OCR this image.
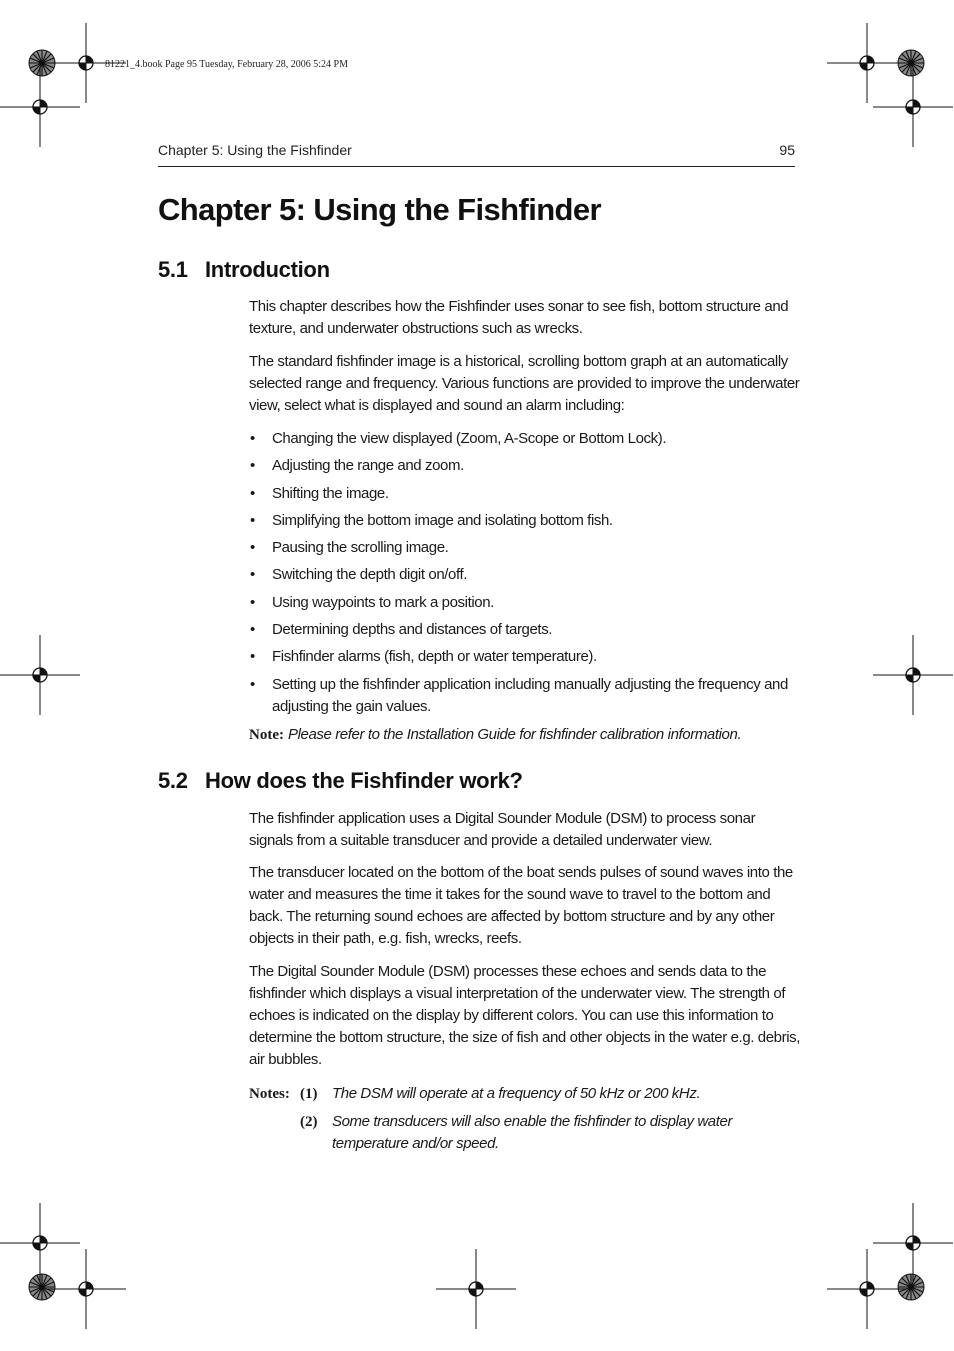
81221_4.book Page 95 Tuesday, February 28, 2006 5:24 PM
Chapter 5: Using the Fishfinder	95
Chapter 5: Using the Fishfinder
5.1 Introduction

This chapter describes how the Fishfinder uses sonar to see fish, bottom structure and texture, and underwater obstructions such as wrecks.

The standard fishfinder image is a historical, scrolling bottom graph at an automatically selected range and frequency. Various functions are provided to improve the underwater view, select what is displayed and sound an alarm including:

• Changing the view displayed (Zoom, A-Scope or Bottom Lock).
• Adjusting the range and zoom.
• Shifting the image.
• Simplifying the bottom image and isolating bottom fish.
• Pausing the scrolling image.
• Switching the depth digit on/off.
• Using waypoints to mark a position.
• Determining depths and distances of targets.
• Fishfinder alarms (fish, depth or water temperature).
• Setting up the fishfinder application including manually adjusting the frequency and adjusting the gain values.
Note: Please refer to the Installation Guide for fishfinder calibration information.
5.2 How does the Fishfinder work?

The fishfinder application uses a Digital Sounder Module (DSM) to process sonar signals from a suitable transducer and provide a detailed underwater view.

The transducer located on the bottom of the boat sends pulses of sound waves into the water and measures the time it takes for the sound wave to travel to the bottom and back. The returning sound echoes are affected by bottom structure and by any other objects in their path, e.g. fish, wrecks, reefs.

The Digital Sounder Module (DSM) processes these echoes and sends data to the fishfinder which displays a visual interpretation of the underwater view. The strength of echoes is indicated on the display by different colors. You can use this information to determine the bottom structure, the size of fish and other objects in the water e.g. debris, air bubbles.

Notes: (1) The DSM will operate at a frequency of 50 kHz or 200 kHz.
(2) Some transducers will also enable the fishfinder to display water temperature and/or speed.
